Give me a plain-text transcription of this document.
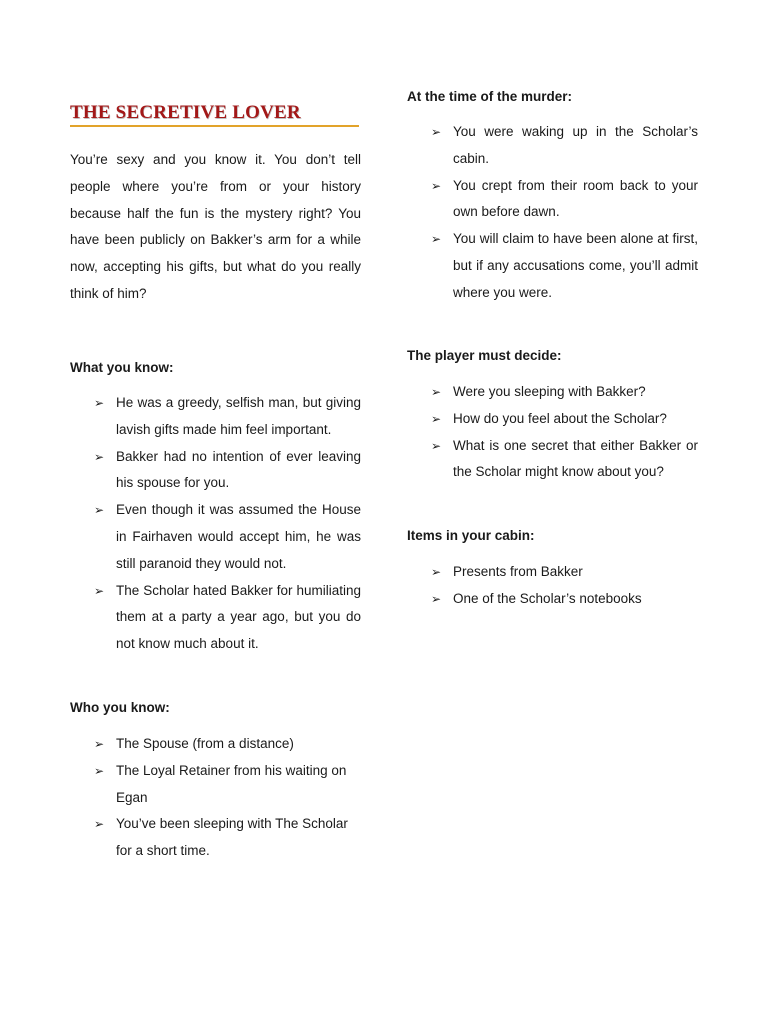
THE SECRETIVE LOVER

You’re sexy and you know it. You don’t tell people where you’re from or your history because half the fun is the mystery right? You have been publicly on Bakker’s arm for a while now, accepting his gifts, but what do you really think of him?

What you know:
➢ He was a greedy, selfish man, but giving lavish gifts made him feel important.
➢ Bakker had no intention of ever leaving his spouse for you.
➢ Even though it was assumed the House in Fairhaven would accept him, he was still paranoid they would not.
➢ The Scholar hated Bakker for humiliating them at a party a year ago, but you do not know much about it.
Who you know:
➢ The Spouse (from a distance)
➢ The Loyal Retainer from his waiting on Egan
➢ You’ve been sleeping with The Scholar for a short time.
At the time of the murder:
➢ You were waking up in the Scholar’s cabin.
➢ You crept from their room back to your own before dawn.
➢ You will claim to have been alone at first, but if any accusations come, you’ll admit where you were.
The player must decide:
➢ Were you sleeping with Bakker?
➢ How do you feel about the Scholar?
➢ What is one secret that either Bakker or the Scholar might know about you?
Items in your cabin:
➢ Presents from Bakker
➢ One of the Scholar’s notebooks
